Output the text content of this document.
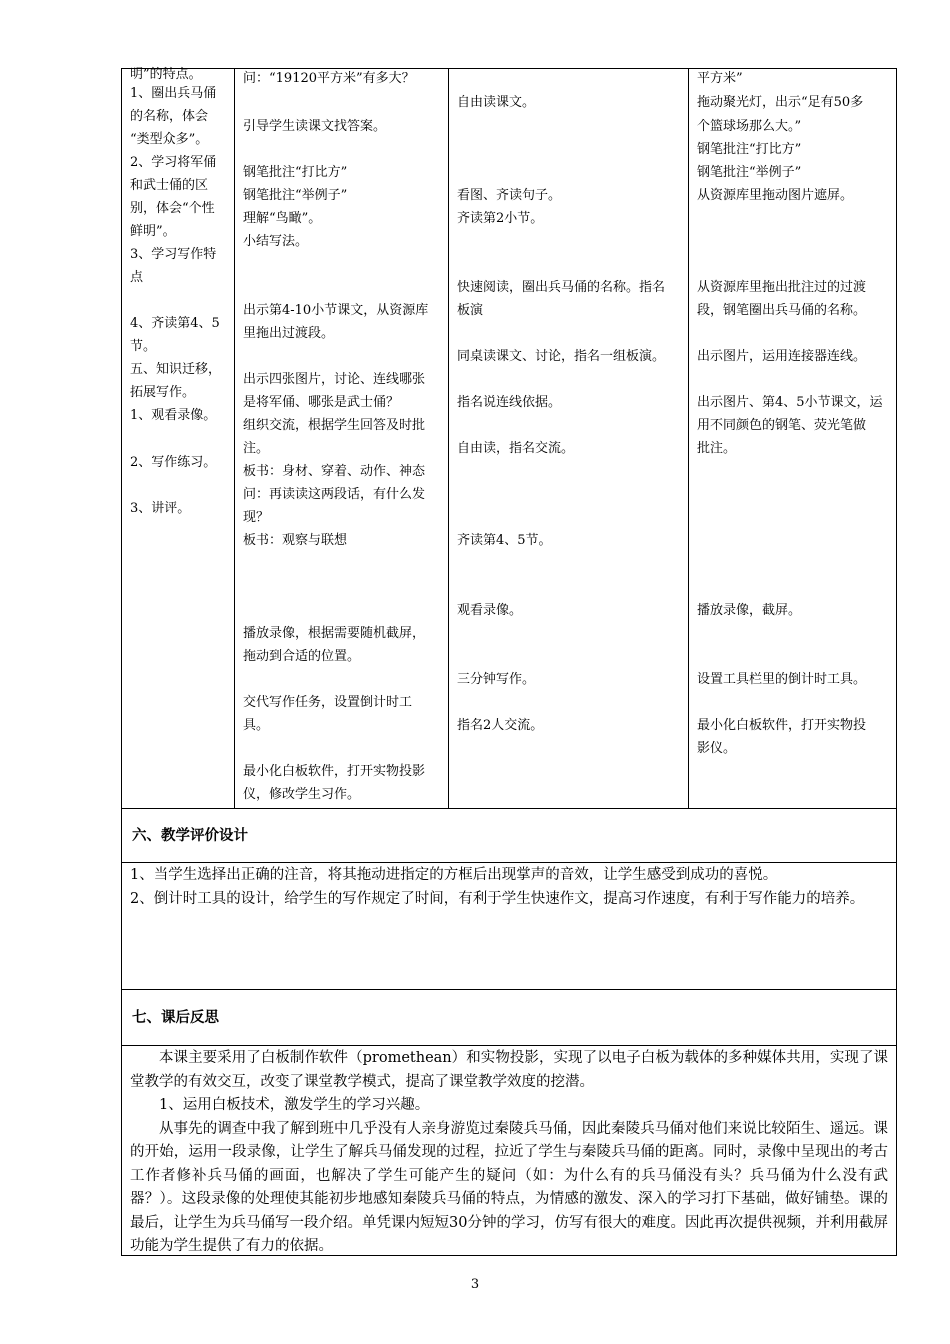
明”的特点。
1、圈出兵马俑
的名称，体会
“类型众多”。
2、学习将军俑
和武士俑的区
别，体会“个性
鲜明”。
3、学习写作特
点
4、齐读第4、5
节。
五、知识迁移，
拓展写作。
1、观看录像。
2、写作练习。
3、讲评。
问：“19120平方米”有多大？
引导学生读课文找答案。
钢笔批注“打比方”
钢笔批注“举例子”
理解“鸟瞰”。
小结写法。
出示第4-10小节课文，从资源库
里拖出过渡段。
出示四张图片，讨论、连线哪张
是将军俑、哪张是武士俑？
组织交流，根据学生回答及时批
注。
板书：身材、穿着、动作、神态
问：再读读这两段话，有什么发
现？
板书：观察与联想
播放录像，根据需要随机截屏，
拖动到合适的位置。
交代写作任务，设置倒计时工
具。
最小化白板软件，打开实物投影
仪，修改学生习作。
自由读课文。
看图、齐读句子。
齐读第2小节。
快速阅读，圈出兵马俑的名称。指名
板演
同桌读课文、讨论，指名一组板演。
指名说连线依据。
自由读，指名交流。
齐读第4、5节。
观看录像。
三分钟写作。
指名2人交流。
平方米”
拖动聚光灯，出示“足有50多
个篮球场那么大。”
钢笔批注“打比方”
钢笔批注“举例子”
从资源库里拖动图片遮屏。
从资源库里拖出批注过的过渡
段，钢笔圈出兵马俑的名称。
出示图片，运用连接器连线。
出示图片、第4、5小节课文，运
用不同颜色的钢笔、荧光笔做
批注。
播放录像，截屏。
设置工具栏里的倒计时工具。
最小化白板软件，打开实物投
影仪。
六、教学评价设计

1、当学生选择出正确的注音，将其拖动进指定的方框后出现掌声的音效，让学生感受到成功的喜悦。

2、倒计时工具的设计，给学生的写作规定了时间，有利于学生快速作文，提高习作速度，有利于写作能力的培养。

七、课后反思

本课主要采用了白板制作软件（promethean）和实物投影，实现了以电子白板为载体的多种媒体共用，实现了课堂教学的有效交互，改变了课堂教学模式，提高了课堂教学效度的挖潜。

1、运用白板技术，激发学生的学习兴趣。

从事先的调查中我了解到班中几乎没有人亲身游览过秦陵兵马俑，因此秦陵兵马俑对他们来说比较陌生、遥远。课的开始，运用一段录像，让学生了解兵马俑发现的过程，拉近了学生与秦陵兵马俑的距离。同时，录像中呈现出的考古工作者修补兵马俑的画面，也解决了学生可能产生的疑问（如：为什么有的兵马俑没有头？兵马俑为什么没有武器？）。这段录像的处理使其能初步地感知秦陵兵马俑的特点，为情感的激发、深入的学习打下基础，做好铺垫。课的最后，让学生为兵马俑写一段介绍。单凭课内短短30分钟的学习，仿写有很大的难度。因此再次提供视频，并利用截屏功能为学生提供了有力的依据。

3
